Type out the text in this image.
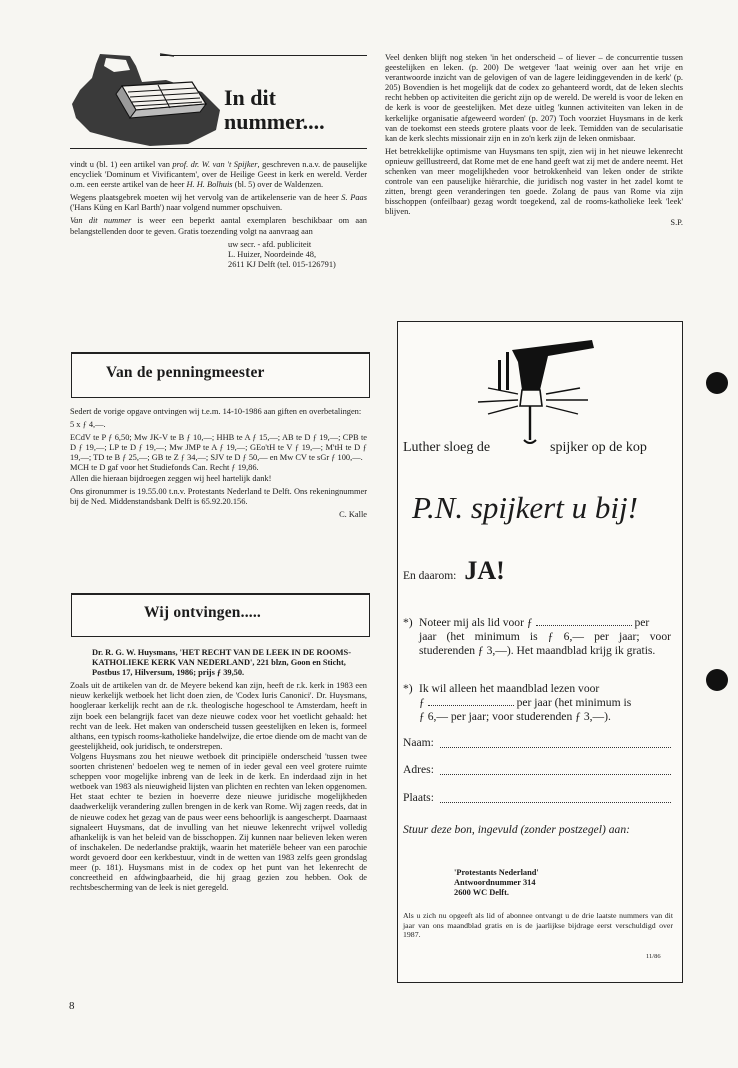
In dit
nummer....

vindt u (bl. 1) een artikel van prof. dr. W. van 't Spijker, geschreven n.a.v. de pauselijke encycliek 'Dominum et Vivificantem', over de Heilige Geest in kerk en wereld. Verder o.m. een eerste artikel van de heer H. H. Bolhuis (bl. 5) over de Waldenzen.

Wegens plaatsgebrek moeten wij het vervolg van de artikelenserie van de heer S. Paas ('Hans Küng en Karl Barth') naar volgend nummer opschuiven.

Van dit nummer is weer een beperkt aantal exemplaren beschikbaar om aan belangstellenden door te geven. Gratis toezending volgt na aanvraag aan

uw secr. - afd. publiciteit
L. Huizer, Noordeinde 48,
2611 KJ Delft (tel. 015-126791)
Van de penningmeester

Sedert de vorige opgave ontvingen wij t.e.m. 14-10-1986 aan giften en overbetalingen:

5 x ƒ 4,—.

ECdV te P ƒ 6,50; Mw JK-V te B ƒ 10,—; HHB te A ƒ 15,—; AB te D ƒ 19,—; CPB te D ƒ 19,—; LP te D ƒ 19,—; Mw JMP te A ƒ 19,—; GEo'tH te V ƒ 19,—; M'tH te D ƒ 19,—; TD te B ƒ 25,—; GB te Z ƒ 34,—; SJV te D ƒ 50,— en Mw CV te sGr ƒ 100,—.

MCH te D gaf voor het Studiefonds Can. Recht ƒ 19,86.

Allen die hieraan bijdroegen zeggen wij heel hartelijk dank!

Ons gironummer is 19.55.00 t.n.v. Protestants Nederland te Delft. Ons rekeningnummer bij de Ned. Middenstandsbank Delft is 65.92.20.156.

C. Kalle
Wij ontvingen.....

Dr. R. G. W. Huysmans, 'HET RECHT VAN DE LEEK IN DE ROOMS-KATHOLIEKE KERK VAN NEDERLAND', 221 blzn, Goon en Sticht, Postbus 17, Hilversum, 1986; prijs ƒ 39,50.

Zoals uit de artikelen van dr. de Meyere bekend kan zijn, heeft de r.k. kerk in 1983 een nieuw kerkelijk wetboek het licht doen zien, de 'Codex Iuris Canonici'. Dr. Huysmans, hoogleraar kerkelijk recht aan de r.k. theologische hogeschool te Amsterdam, heeft in zijn boek een belangrijk facet van deze nieuwe codex voor het voetlicht gehaald: het recht van de leek. Het maken van onderscheid tussen geestelijken en leken is, formeel althans, een typisch rooms-katholieke handelwijze, die ertoe diende om de macht van de geestelijkheid, ook juridisch, te onderstrepen.

Volgens Huysmans zou het nieuwe wetboek dit principiële onderscheid 'tussen twee soorten christenen' bedoelen weg te nemen of in ieder geval een veel grotere ruimte scheppen voor mogelijke inbreng van de leek in de kerk. En inderdaad zijn in het wetboek van 1983 als nieuwigheid lijsten van plichten en rechten van leken opgenomen. Het staat echter te bezien in hoeverre deze nieuwe juridische mogelijkheden daadwerkelijk verandering zullen brengen in de kerk van Rome. Wij zagen reeds, dat in de nieuwe codex het gezag van de paus weer eens behoorlijk is aangescherpt. Daarnaast signaleert Huysmans, dat de invulling van het nieuwe lekenrecht vrijwel volledig afhankelijk is van het beleid van de bisschoppen. Zij kunnen naar believen leken weren of inschakelen. De nederlandse praktijk, waarin het materiële beheer van een parochie wordt gevoerd door een kerkbestuur, vindt in de wetten van 1983 zelfs geen grondslag meer (p. 181). Huysmans mist in de codex op het punt van het lekenrecht de concreetheid en afdwingbaarheid, die hij graag gezien zou hebben. Ook de rechtsbescherming van de leek is niet geregeld.

8

Veel denken blijft nog steken 'in het onderscheid – of liever – de concurrentie tussen geestelijken en leken. (p. 200) De wetgever 'laat weinig over aan het vrije en verantwoorde inzicht van de gelovigen of van de lagere leidinggevenden in de kerk' (p. 205) Bovendien is het mogelijk dat de codex zo gehanteerd wordt, dat de leken slechts recht hebben op activiteiten die gericht zijn op de wereld. De wereld is voor de leken en de kerk is voor de geestelijken. Met deze uitleg 'kunnen activiteiten van leken in de kerkelijke organisatie afgeweerd worden' (p. 207) Toch voorziet Huysmans in de kerk van de toekomst een steeds grotere plaats voor de leek. Temidden van de secularisatie kan de kerk slechts missionair zijn en in zo'n kerk zijn de leken onmisbaar.

Het betrekkelijke optimisme van Huysmans ten spijt, zien wij in het nieuwe lekenrecht opnieuw geïllustreerd, dat Rome met de ene hand geeft wat zij met de andere neemt. Het schenken van meer mogelijkheden voor betrokkenheid van leken onder de strikte controle van een pauselijke hiërarchie, die juridisch nog vaster in het zadel komt te zitten, brengt geen veranderingen ten goede. Zolang de paus van Rome via zijn bisschoppen (onfeilbaar) gezag wordt toegekend, zal de rooms-katholieke leek 'leek' blijven.

S.P.
Luther sloeg de	spijker op de kop
P.N. spijkert u bij!
En daarom: JA!
*) Noteer mij als lid voor ƒ	per
jaar (het minimum is ƒ 6,— per jaar; voor studerenden ƒ 3,—). Het maandblad krijg ik gratis.
*) Ik wil alleen het maandblad lezen voor
ƒ	per jaar (het minimum is
ƒ 6,— per jaar; voor studerenden ƒ 3,—).
Naam:
Adres:
Plaats:
Stuur deze bon, ingevuld (zonder postzegel) aan:
'Protestants Nederland'
Antwoordnummer 314
2600 WC Delft.
Als u zich nu opgeeft als lid of abonnee ontvangt u de drie laatste nummers van dit jaar van ons maandblad gratis en is de jaarlijkse bijdrage eerst verschuldigd over 1987.
11/86
